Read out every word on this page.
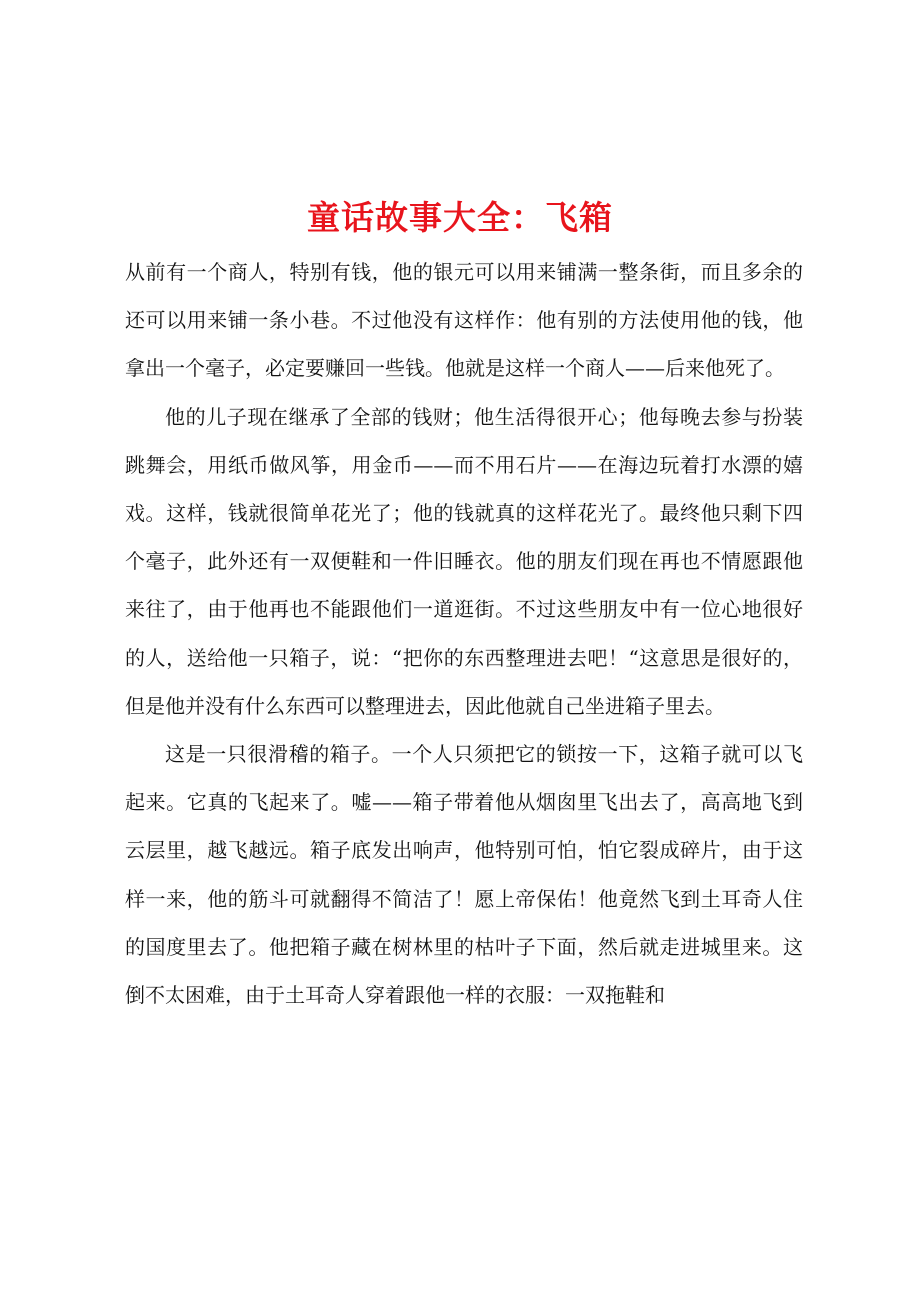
童话故事大全：飞箱

从前有一个商人，特别有钱，他的银元可以用来铺满一整条街，而且多余的还可以用来铺一条小巷。不过他没有这样作：他有别的方法使用他的钱，他拿出一个毫子，必定要赚回一些钱。他就是这样一个商人——后来他死了。

他的儿子现在继承了全部的钱财；他生活得很开心；他每晚去参与扮装跳舞会，用纸币做风筝，用金币——而不用石片——在海边玩着打水漂的嬉戏。这样，钱就很简单花光了；他的钱就真的这样花光了。最终他只剩下四个毫子，此外还有一双便鞋和一件旧睡衣。他的朋友们现在再也不情愿跟他来往了，由于他再也不能跟他们一道逛街。不过这些朋友中有一位心地很好的人，送给他一只箱子，说：“把你的东西整理进去吧！“这意思是很好的，但是他并没有什么东西可以整理进去，因此他就自己坐进箱子里去。

这是一只很滑稽的箱子。一个人只须把它的锁按一下，这箱子就可以飞起来。它真的飞起来了。嘘——箱子带着他从烟囱里飞出去了，高高地飞到云层里，越飞越远。箱子底发出响声，他特别可怕，怕它裂成碎片，由于这样一来，他的筋斗可就翻得不简洁了！愿上帝保佑！他竟然飞到土耳奇人住的国度里去了。他把箱子藏在树林里的枯叶子下面，然后就走进城里来。这倒不太困难，由于土耳奇人穿着跟他一样的衣服：一双拖鞋和
